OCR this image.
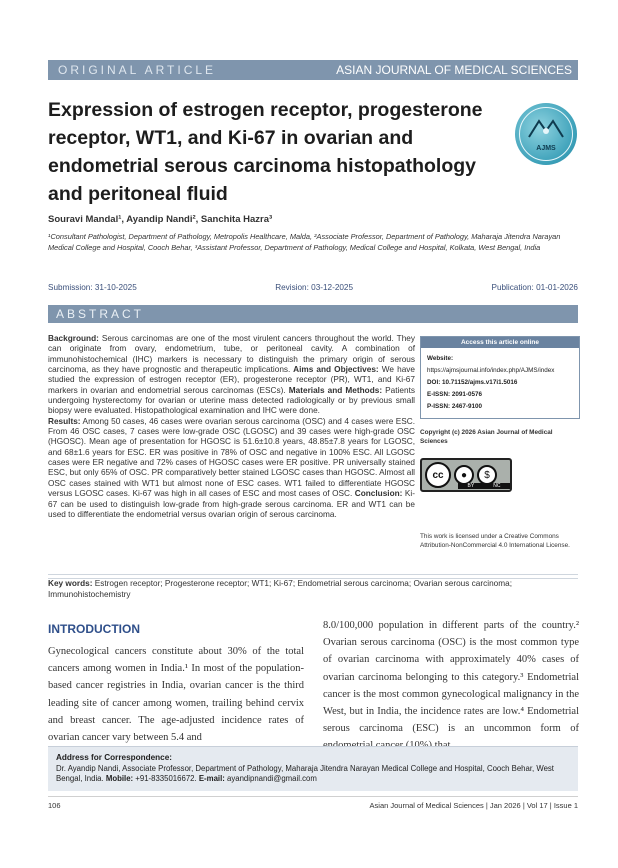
ORIGINAL ARTICLE	ASIAN JOURNAL OF MEDICAL SCIENCES
Expression of estrogen receptor, progesterone receptor, WT1, and Ki-67 in ovarian and endometrial serous carcinoma histopathology and peritoneal fluid
AJMS
Souravi Mandal¹, Ayandip Nandi², Sanchita Hazra³
¹Consultant Pathologist, Department of Pathology, Metropolis Healthcare, Malda, ²Associate Professor, Department of Pathology, Maharaja Jitendra Narayan Medical College and Hospital, Cooch Behar, ³Assistant Professor, Department of Pathology, Medical College and Hospital, Kolkata, West Bengal, India
Submission: 31-10-2025	Revision: 03-12-2025	Publication: 01-01-2026
ABSTRACT
Background: Serous carcinomas are one of the most virulent cancers throughout the world. They can originate from ovary, endometrium, tube, or peritoneal cavity. A combination of immunohistochemical (IHC) markers is necessary to distinguish the primary origin of serous carcinoma, as they have prognostic and therapeutic implications. Aims and Objectives: We have studied the expression of estrogen receptor (ER), progesterone receptor (PR), WT1, and Ki-67 markers in ovarian and endometrial serous carcinomas (ESCs). Materials and Methods: Patients undergoing hysterectomy for ovarian or uterine mass detected radiologically or by previous small biopsy were evaluated. Histopathological examination and IHC were done.
Results: Among 50 cases, 46 cases were ovarian serous carcinoma (OSC) and 4 cases were ESC. From 46 OSC cases, 7 cases were low-grade OSC (LGOSC) and 39 cases were high-grade OSC (HGOSC). Mean age of presentation for HGOSC is 51.6±10.8 years, 48.85±7.8 years for LGOSC, and 68±1.6 years for ESC. ER was positive in 78% of OSC and negative in 100% ESC. All LGOSC cases were ER negative and 72% cases of HGOSC cases were ER positive. PR universally stained ESC, but only 65% of OSC. PR comparatively better stained LGOSC cases than HGOSC. Almost all OSC cases stained with WT1 but almost none of ESC cases. WT1 failed to differentiate HGOSC versus LGOSC cases. Ki-67 was high in all cases of ESC and most cases of OSC. Conclusion: Ki-67 can be used to distinguish low-grade from high-grade serous carcinoma. ER and WT1 can be used to differentiate the endometrial versus ovarian origin of serous carcinoma.
Access this article online
Website:
https://ajmsjournal.info/index.php/AJMS/index
DOI: 10.71152/ajms.v17i1.5016
E-ISSN: 2091-0576
P-ISSN: 2467-9100
Copyright (c) 2026 Asian Journal of Medical Sciences
cc	●	$
BY	NC
This work is licensed under a Creative Commons Attribution-NonCommercial 4.0 International License.
Key words: Estrogen receptor; Progesterone receptor; WT1; Ki-67; Endometrial serous carcinoma; Ovarian serous carcinoma; Immunohistochemistry
INTRODUCTION
Gynecological cancers constitute about 30% of the total cancers among women in India.¹ In most of the population-based cancer registries in India, ovarian cancer is the third leading site of cancer among women, trailing behind cervix and breast cancer. The age-adjusted incidence rates of ovarian cancer vary between 5.4 and
8.0/100,000 population in different parts of the country.² Ovarian serous carcinoma (OSC) is the most common type of ovarian carcinoma with approximately 40% cases of ovarian carcinoma belonging to this category.³ Endometrial cancer is the most common gynecological malignancy in the West, but in India, the incidence rates are low.⁴ Endometrial serous carcinoma (ESC) is an uncommon form of
Address for Correspondence:
Dr. Ayandip Nandi, Associate Professor, Department of Pathology, Maharaja Jitendra Narayan Medical College and Hospital, Cooch Behar, West Bengal, India. Mobile: +91-8335016672. E-mail: ayandipnandi@gmail.com
106	Asian Journal of Medical Sciences | Jan 2026 | Vol 17 | Issue 1
